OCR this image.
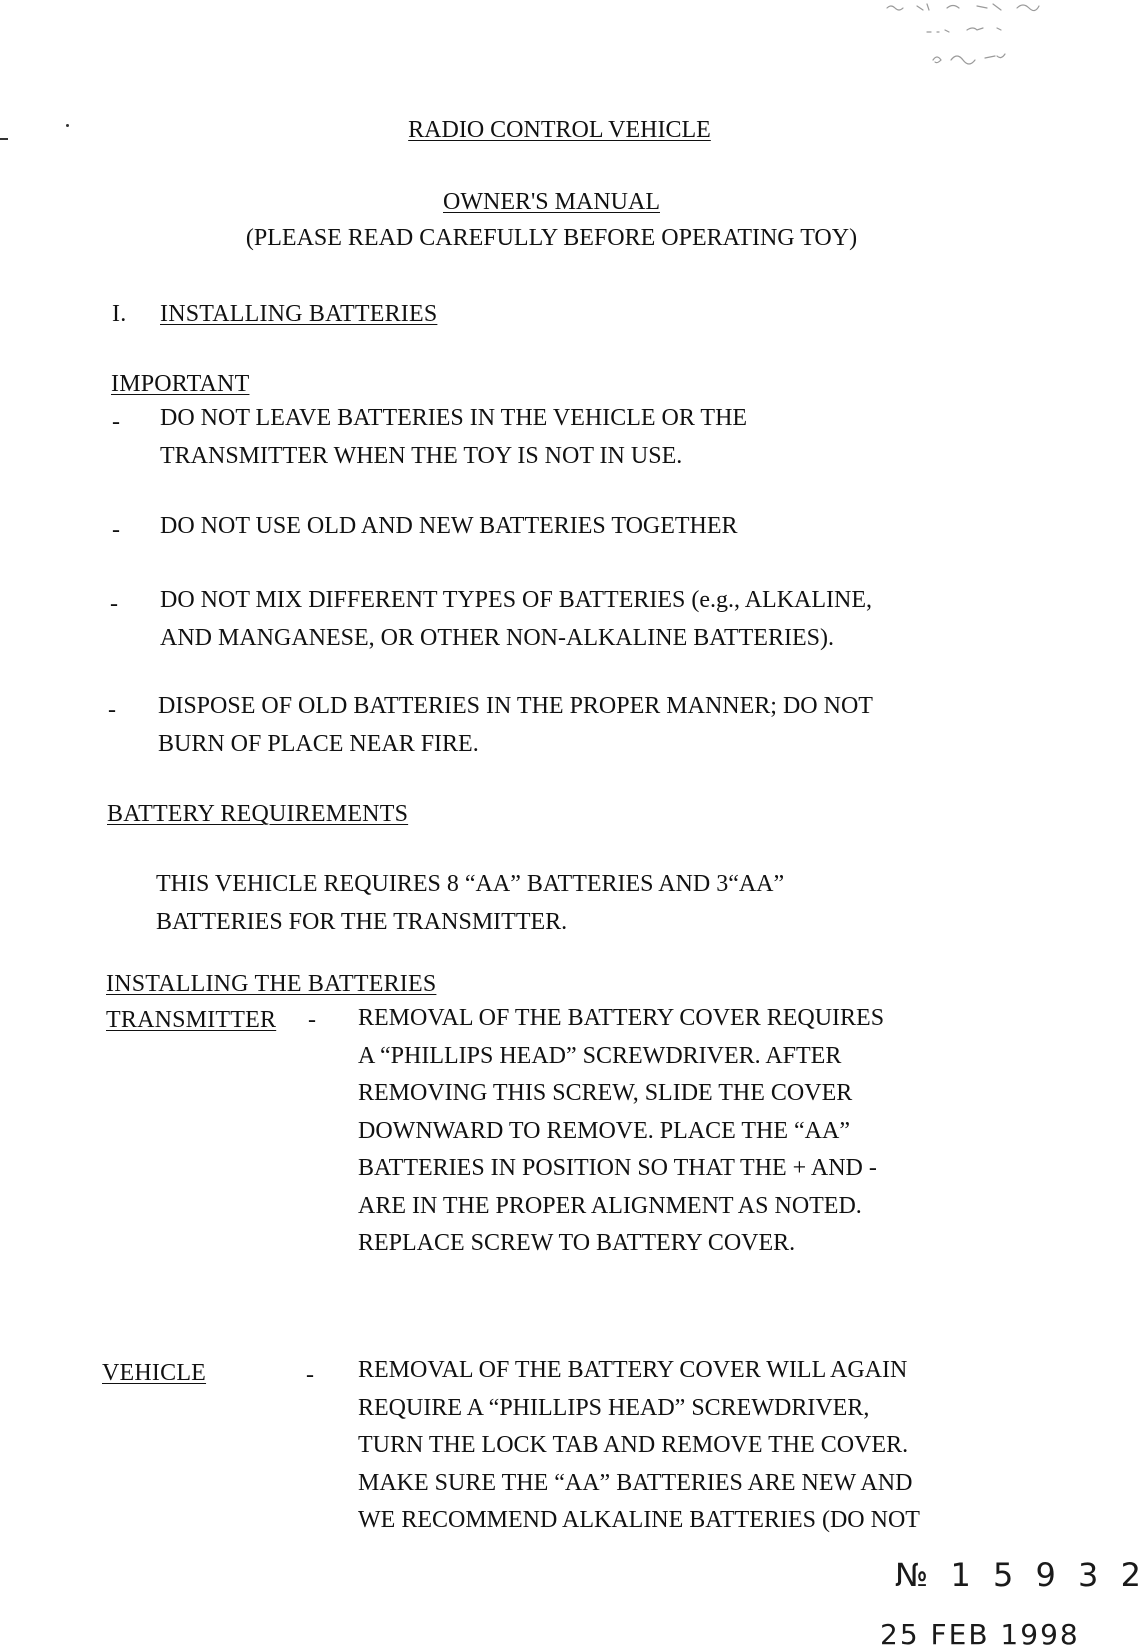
RADIO CONTROL VEHICLE
OWNER'S MANUAL
(PLEASE READ CAREFULLY BEFORE OPERATING TOY)
I. INSTALLING BATTERIES
IMPORTANT
- DO NOT LEAVE BATTERIES IN THE VEHICLE OR THE
TRANSMITTER WHEN THE TOY IS NOT IN USE.
- DO NOT USE OLD AND NEW BATTERIES TOGETHER
- DO NOT MIX DIFFERENT TYPES OF BATTERIES (e.g., ALKALINE,
AND MANGANESE, OR OTHER NON-ALKALINE BATTERIES).
- DISPOSE OF OLD BATTERIES IN THE PROPER MANNER; DO NOT
BURN OF PLACE NEAR FIRE.
BATTERY REQUIREMENTS
THIS VEHICLE REQUIRES 8 “AA” BATTERIES AND 3“AA”
BATTERIES FOR THE TRANSMITTER.
INSTALLING THE BATTERIES
TRANSMITTER - REMOVAL OF THE BATTERY COVER REQUIRES
A “PHILLIPS HEAD” SCREWDRIVER. AFTER
REMOVING THIS SCREW, SLIDE THE COVER
DOWNWARD TO REMOVE. PLACE THE “AA”
BATTERIES IN POSITION SO THAT THE + AND -
ARE IN THE PROPER ALIGNMENT AS NOTED.
REPLACE SCREW TO BATTERY COVER.
VEHICLE	- REMOVAL OF THE BATTERY COVER WILL AGAIN
REQUIRE A “PHILLIPS HEAD” SCREWDRIVER,
TURN THE LOCK TAB AND REMOVE THE COVER.
MAKE SURE THE “AA” BATTERIES ARE NEW AND
WE RECOMMEND ALKALINE BATTERIES (DO NOT
№ 1 5 9 3 2
25 FEB 1998
